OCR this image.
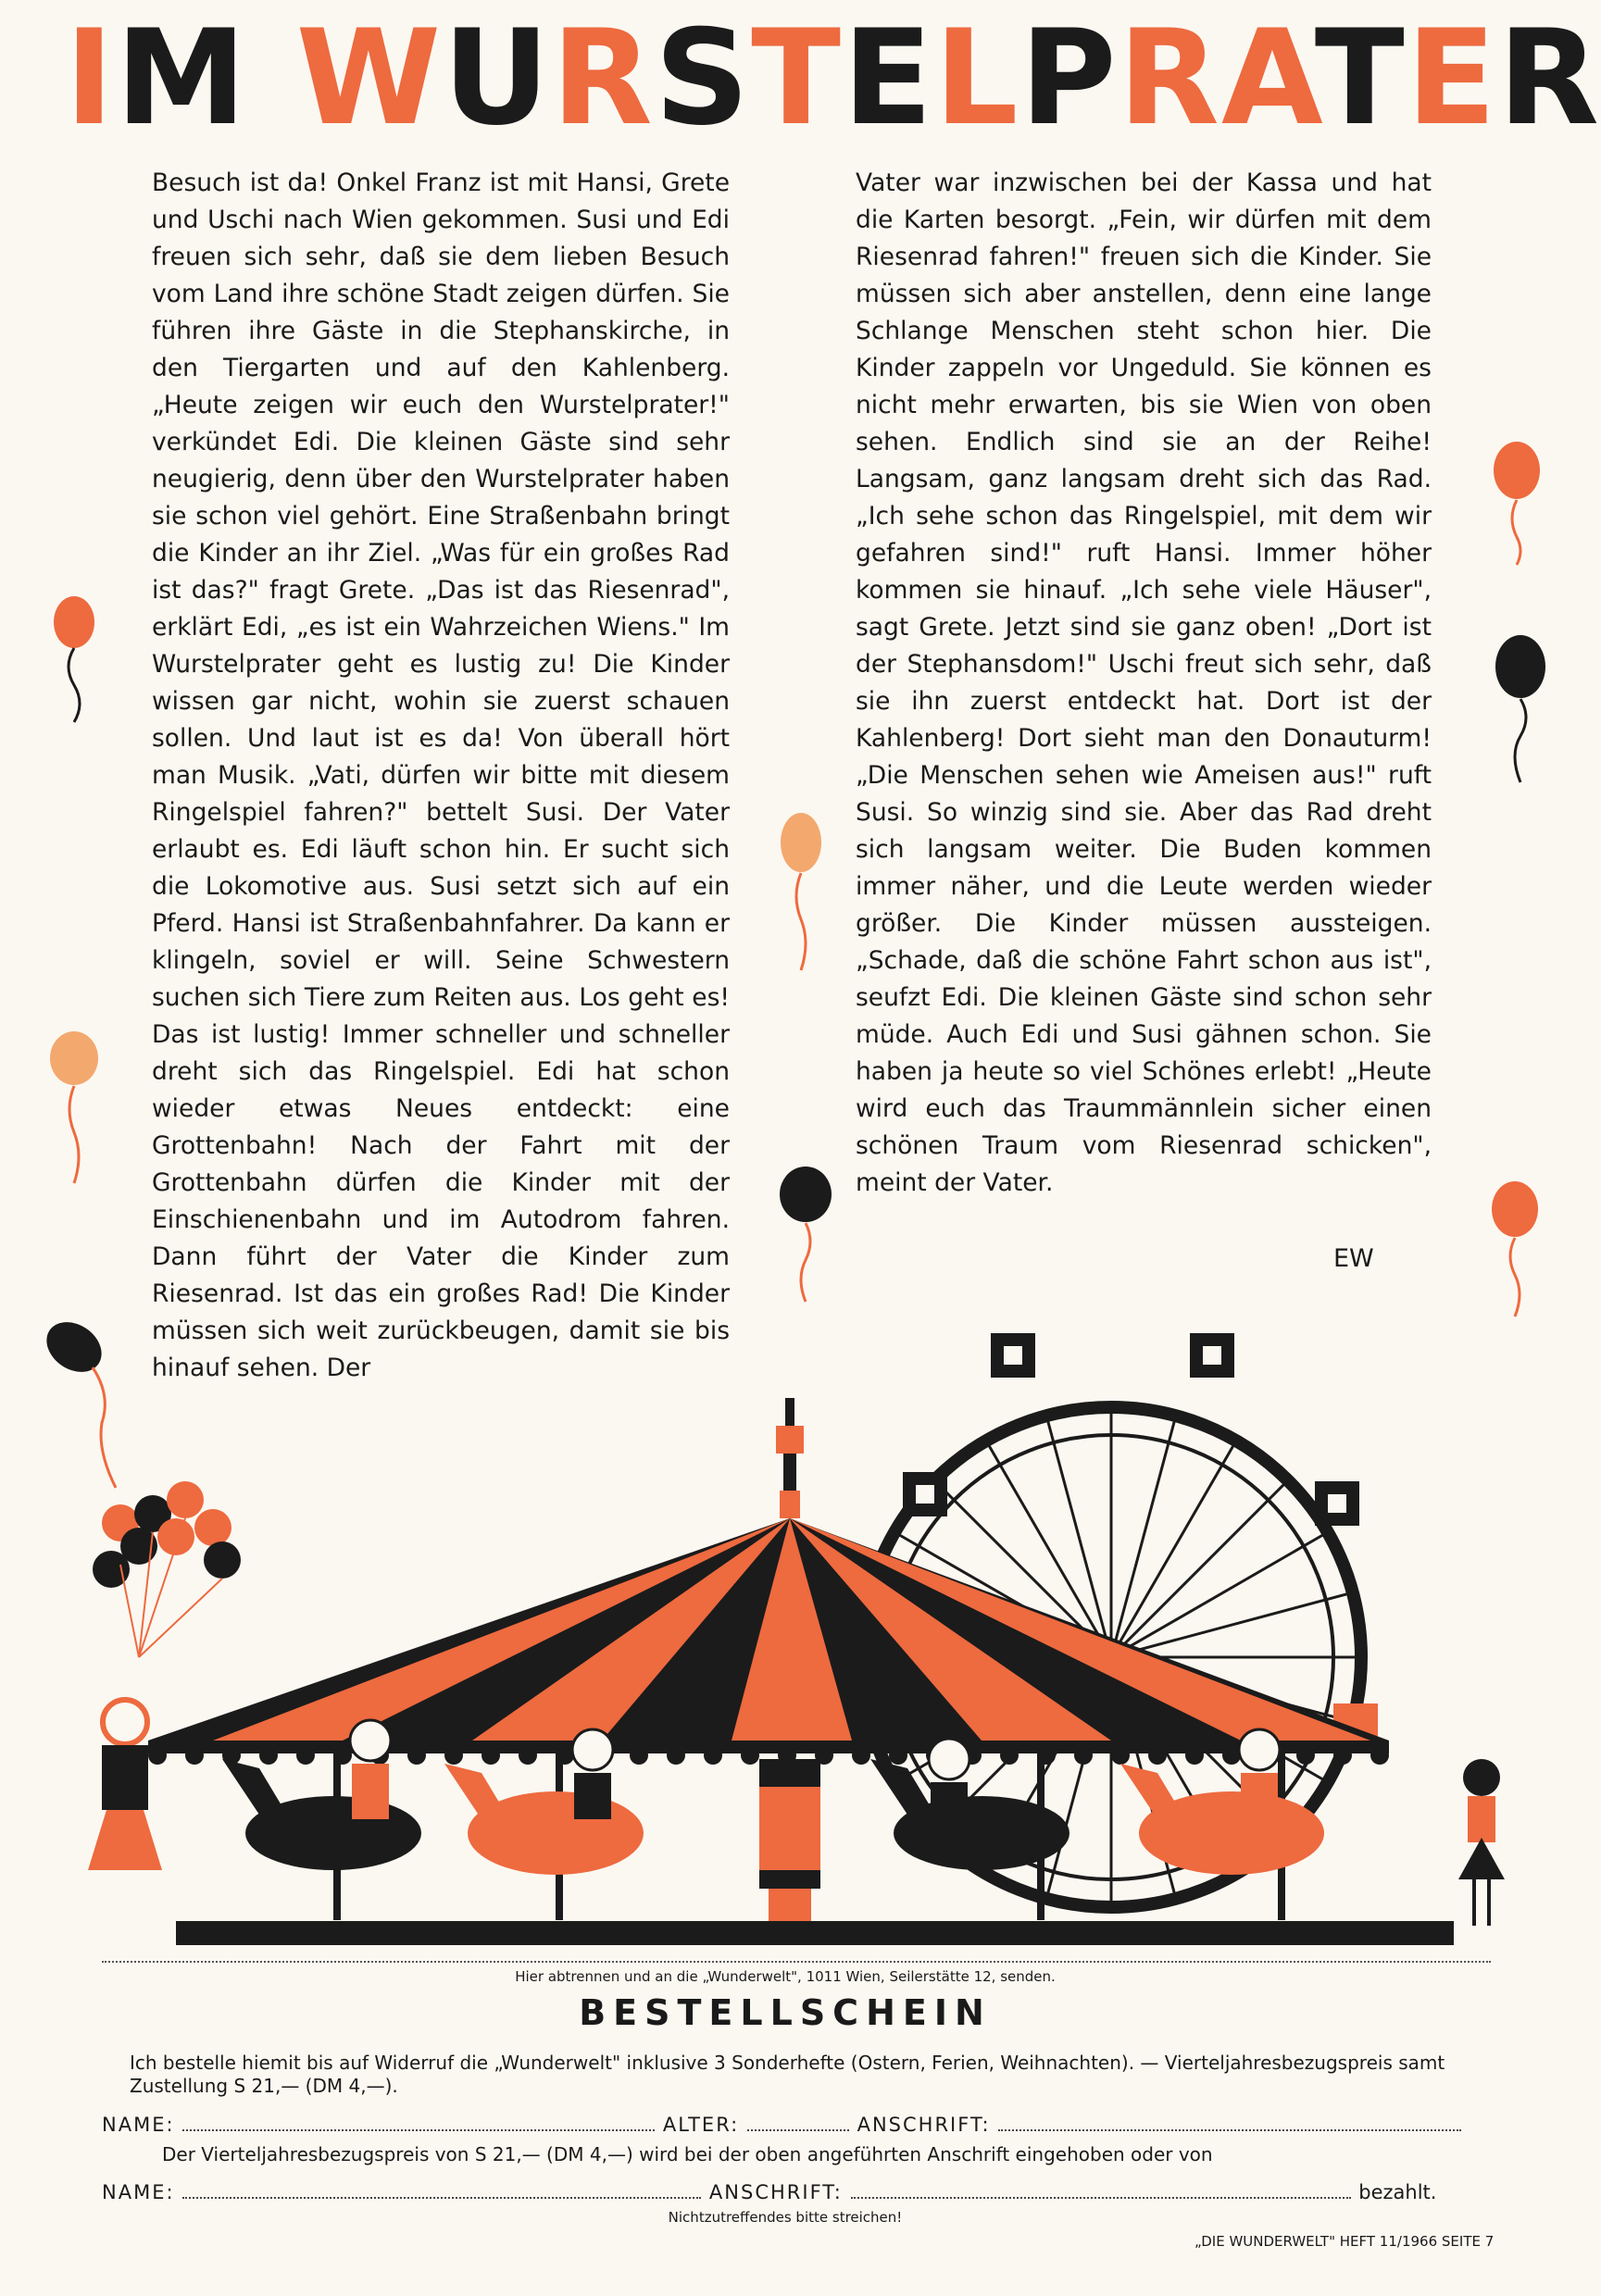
IM WURSTELPRATER

Besuch ist da! Onkel Franz ist mit Hansi, Grete und Uschi nach Wien gekommen. Susi und Edi freuen sich sehr, daß sie dem lieben Besuch vom Land ihre schöne Stadt zeigen dürfen. Sie führen ihre Gäste in die Stephanskirche, in den Tiergarten und auf den Kahlenberg. „Heute zeigen wir euch den Wurstelprater!" verkündet Edi. Die kleinen Gäste sind sehr neugierig, denn über den Wurstelprater haben sie schon viel gehört. Eine Straßenbahn bringt die Kinder an ihr Ziel. „Was für ein großes Rad ist das?" fragt Grete. „Das ist das Riesenrad", erklärt Edi, „es ist ein Wahrzeichen Wiens." Im Wurstelprater geht es lustig zu! Die Kinder wissen gar nicht, wohin sie zuerst schauen sollen. Und laut ist es da! Von überall hört man Musik. „Vati, dürfen wir bitte mit diesem Ringelspiel fahren?" bettelt Susi. Der Vater erlaubt es. Edi läuft schon hin. Er sucht sich die Lokomotive aus. Susi setzt sich auf ein Pferd. Hansi ist Straßenbahnfahrer. Da kann er klingeln, soviel er will. Seine Schwestern suchen sich Tiere zum Reiten aus. Los geht es! Das ist lustig! Immer schneller und schneller dreht sich das Ringelspiel. Edi hat schon wieder etwas Neues entdeckt: eine Grottenbahn! Nach der Fahrt mit der Grottenbahn dürfen die Kinder mit der Einschienenbahn und im Autodrom fahren. Dann führt der Vater die Kinder zum Riesenrad. Ist das ein großes Rad! Die Kinder müssen sich weit zurückbeugen, damit sie bis hinauf sehen. Der

Vater war inzwischen bei der Kassa und hat die Karten besorgt. „Fein, wir dürfen mit dem Riesenrad fahren!" freuen sich die Kinder. Sie müssen sich aber anstellen, denn eine lange Schlange Menschen steht schon hier. Die Kinder zappeln vor Ungeduld. Sie können es nicht mehr erwarten, bis sie Wien von oben sehen. Endlich sind sie an der Reihe! Langsam, ganz langsam dreht sich das Rad. „Ich sehe schon das Ringelspiel, mit dem wir gefahren sind!" ruft Hansi. Immer höher kommen sie hinauf. „Ich sehe viele Häuser", sagt Grete. Jetzt sind sie ganz oben! „Dort ist der Stephansdom!" Uschi freut sich sehr, daß sie ihn zuerst entdeckt hat. Dort ist der Kahlenberg! Dort sieht man den Donauturm! „Die Menschen sehen wie Ameisen aus!" ruft Susi. So winzig sind sie. Aber das Rad dreht sich langsam weiter. Die Buden kommen immer näher, und die Leute werden wieder größer. Die Kinder müssen aussteigen. „Schade, daß die schöne Fahrt schon aus ist", seufzt Edi. Die kleinen Gäste sind schon sehr müde. Auch Edi und Susi gähnen schon. Sie haben ja heute so viel Schönes erlebt! „Heute wird euch das Traummännlein sicher einen schönen Traum vom Riesenrad schicken", meint der Vater.

EW
Hier abtrennen und an die „Wunderwelt", 1011 Wien, Seilerstätte 12, senden.
BESTELLSCHEIN
Ich bestelle hiemit bis auf Widerruf die „Wunderwelt" inklusive 3 Sonderhefte (Ostern, Ferien, Weihnachten). — Vierteljahresbezugspreis samt Zustellung S 21,— (DM 4,—).
NAME:	ALTER:	ANSCHRIFT:
Der Vierteljahresbezugspreis von S 21,— (DM 4,—) wird bei der oben angeführten Anschrift eingehoben oder von
NAME:	ANSCHRIFT:	bezahlt.
Nichtzutreffendes bitte streichen!
„DIE WUNDERWELT" HEFT 11/1966 SEITE 7
